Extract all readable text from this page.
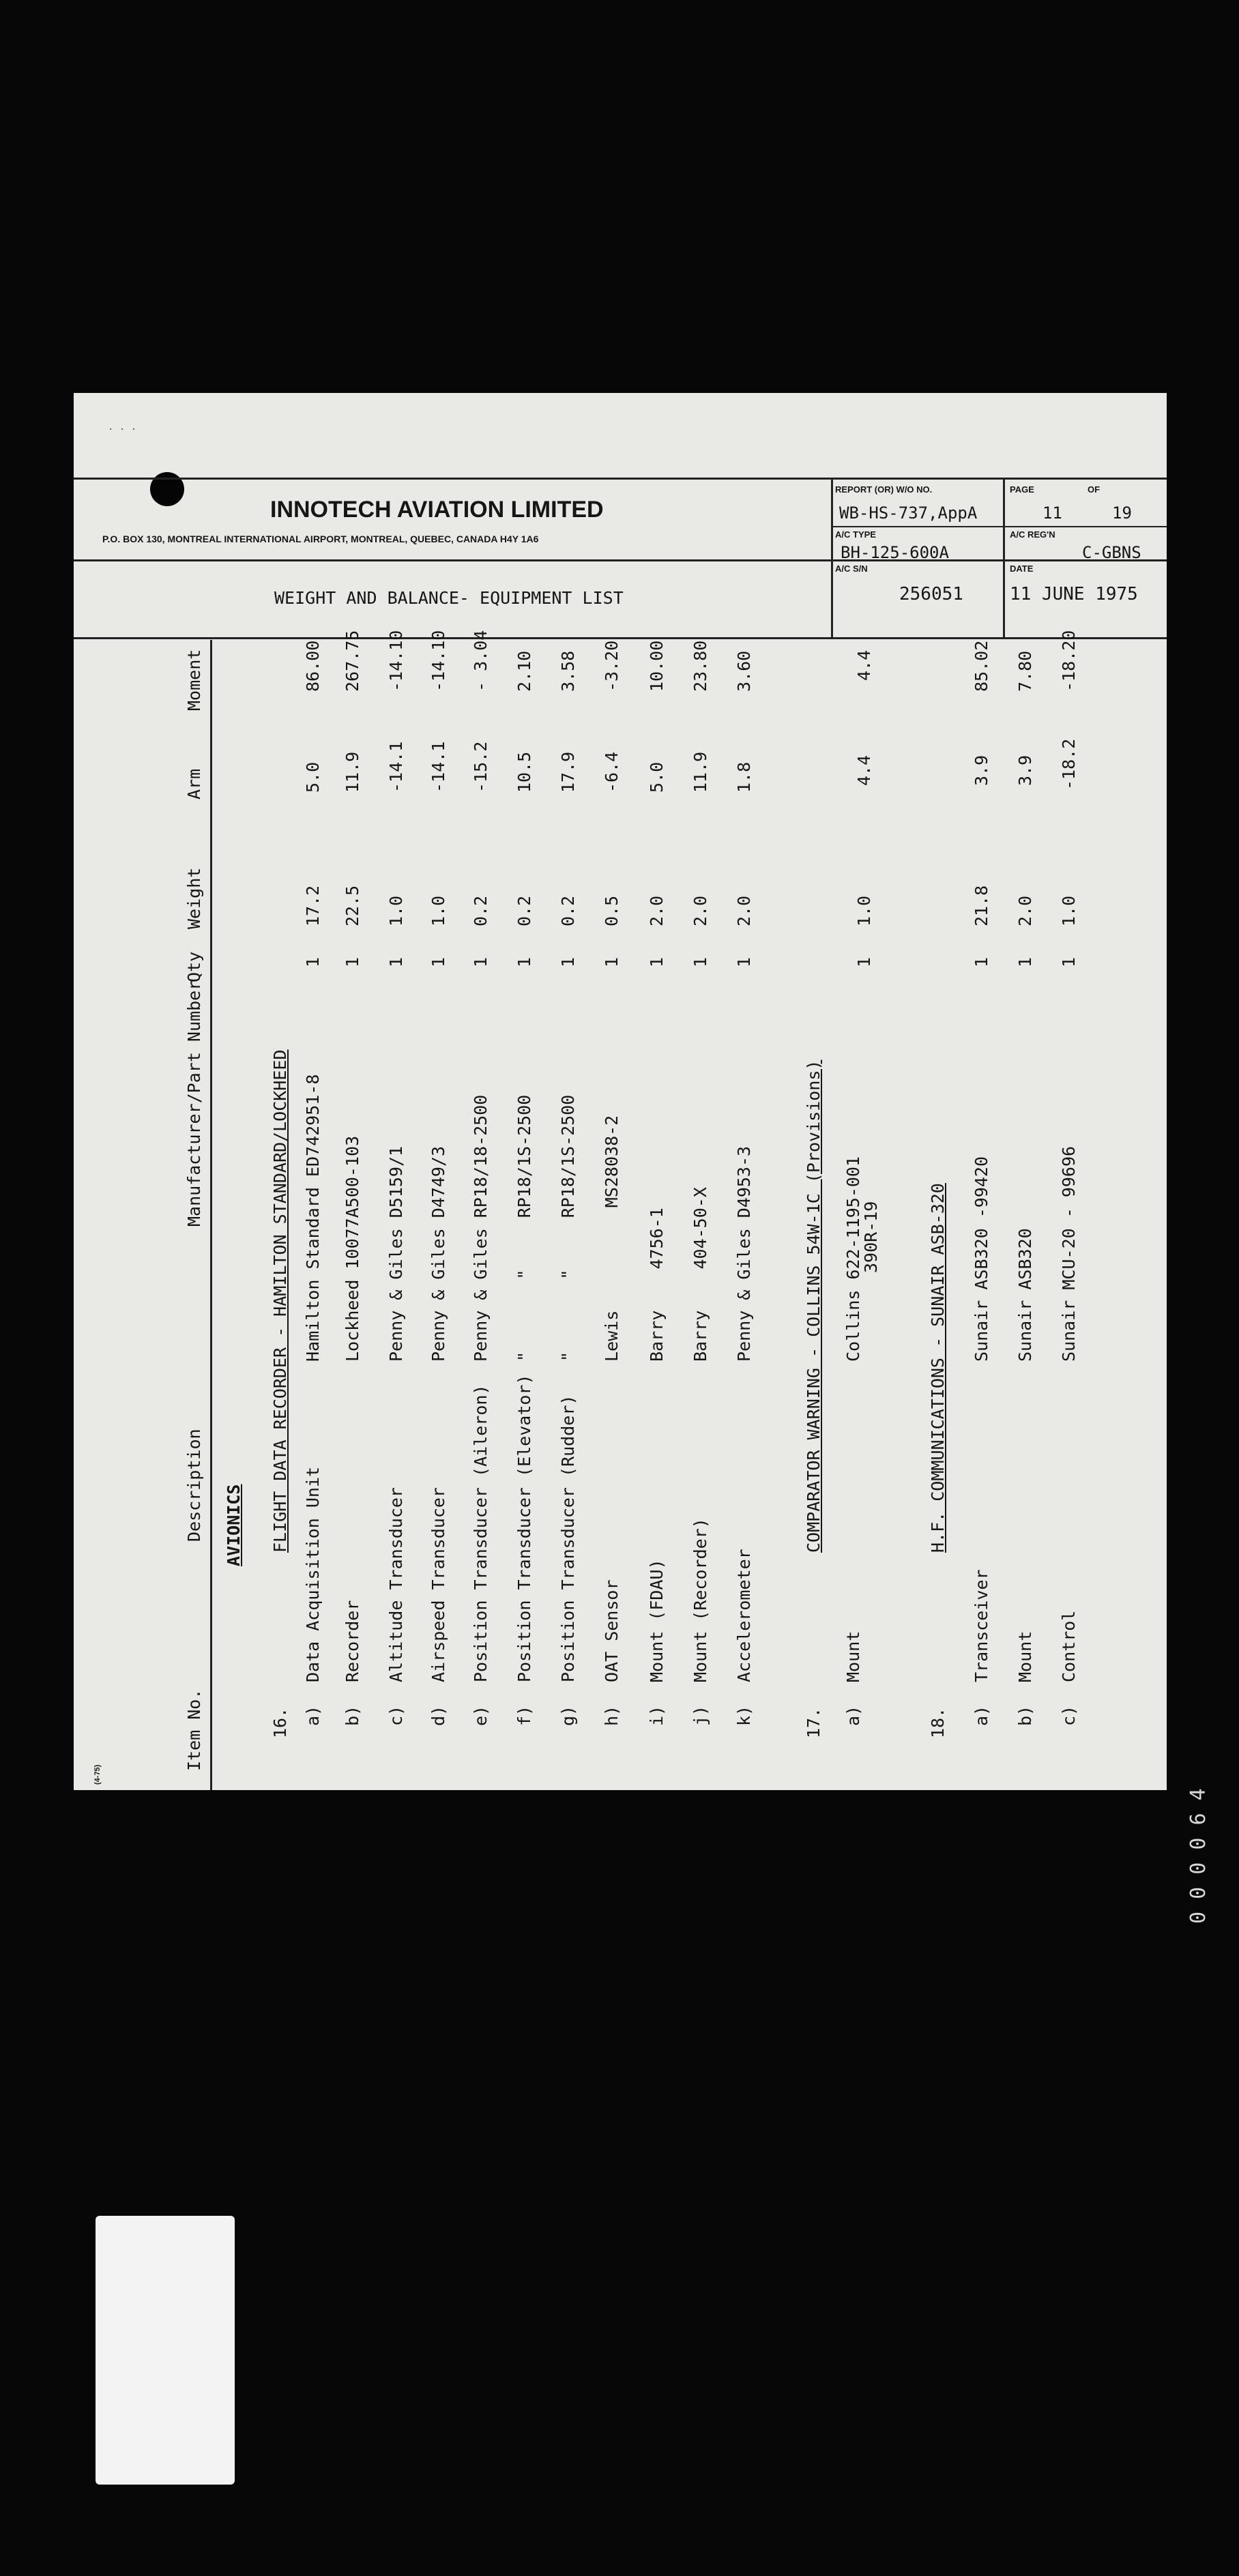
· · ·
INNOTECH AVIATION LIMITED
P.O. BOX 130, MONTREAL INTERNATIONAL AIRPORT, MONTREAL, QUEBEC, CANADA H4Y 1A6
WEIGHT AND BALANCE- EQUIPMENT LIST
REPORT (OR) W/O NO.
WB-HS-737,AppA
PAGE	OF
11	19
A/C TYPE
BH-125-600A
A/C REG'N
C-GBNS
A/C S/N
256051
DATE
11 JUNE 1975
Item No.
Description
Manufacturer/Part Number
Qty
Weight
Arm
Moment
AVIONICS
16.
FLIGHT DATA RECORDER - HAMILTON STANDARD/LOCKHEED
a)
Data Acquisition Unit
Hamilton Standard ED742951-8
1
17.2
5.0
86.00
b)
Recorder
Lockheed 10077A500-103
1
22.5
11.9
267.75
c)
Altitude Transducer
Penny & Giles D5159/1
1
1.0
-14.1
-14.10
d)
Airspeed Transducer
Penny & Giles D4749/3
1
1.0
-14.1
-14.10
e)
Position Transducer (Aileron)
Penny & Giles RP18/18-2500
1
0.2
-15.2
- 3.04
f)
Position Transducer (Elevator)
"       "     RP18/1S-2500
1
0.2
10.5
2.10
g)
Position Transducer (Rudder)
"       "     RP18/1S-2500
1
0.2
17.9
3.58
h)
OAT Sensor
Lewis          MS28038-2
1
0.5
-6.4
-3.20
i)
Mount (FDAU)
Barry    4756-1
1
2.0
5.0
10.00
j)
Mount (Recorder)
Barry    404-50-X
1
2.0
11.9
23.80
k)
Accelerometer
Penny & Giles D4953-3
1
2.0
1.8
3.60
17.
COMPARATOR WARNING - COLLINS 54W-1C (Provisions)
a)
Mount
Collins 622-1195-001
390R-19
1
1.0
4.4
4.4
18.
H.F. COMMUNICATIONS - SUNAIR ASB-320
a)
Transceiver
Sunair ASB320 -99420
1
21.8
3.9
85.02
b)
Mount
Sunair ASB320
1
2.0
3.9
7.80
c)
Control
Sunair MCU-20 - 99696
1
1.0
-18.2
-18.20
(4-75)
0 0 0 0 6 4
